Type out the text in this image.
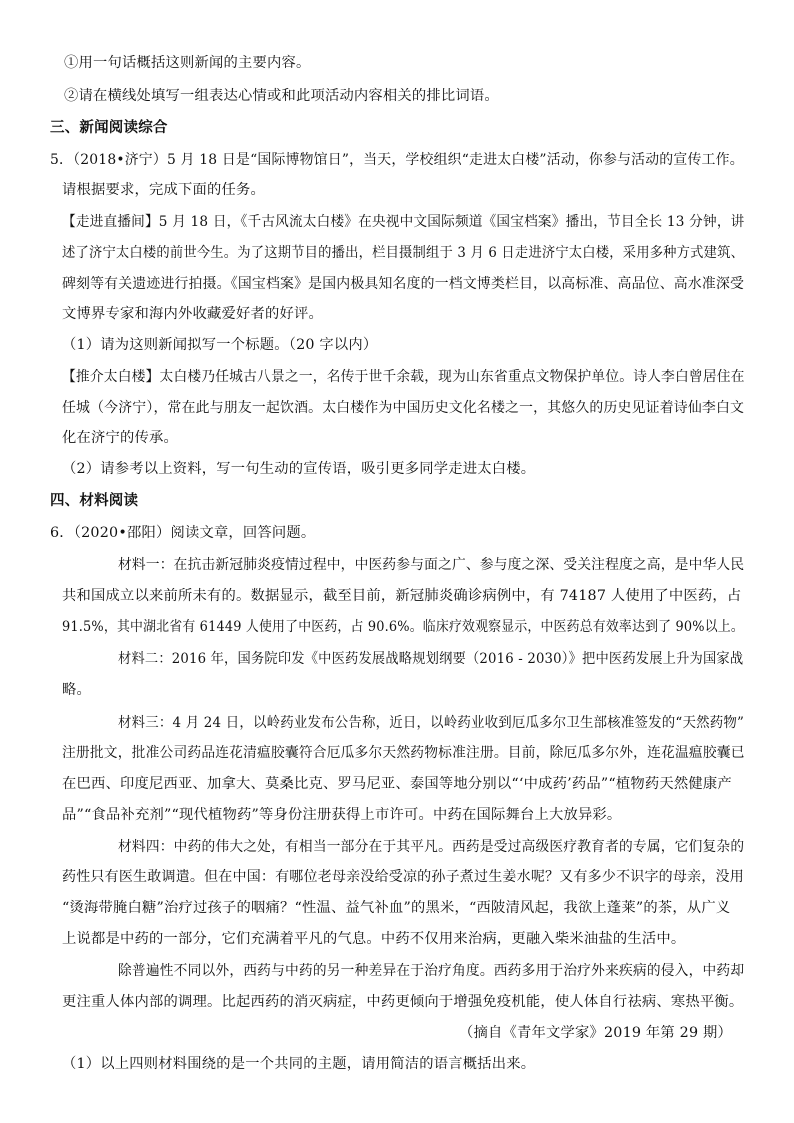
①用一句话概括这则新闻的主要内容。
②请在横线处填写一组表达心情或和此项活动内容相关的排比词语。
三、新闻阅读综合
5．（2018•济宁）5 月 18 日是“国际博物馆日”，当天，学校组织“走进太白楼”活动，你参与活动的宣传工作。
请根据要求，完成下面的任务。
【走进直播间】5 月 18 日，《千古风流太白楼》在央视中文国际频道《国宝档案》播出，节目全长 13 分钟，讲
述了济宁太白楼的前世今生。为了这期节目的播出，栏目摄制组于 3 月 6 日走进济宁太白楼，采用多种方式建筑、
碑刻等有关遗迹进行拍摄。《国宝档案》是国内极具知名度的一档文博类栏目，以高标准、高品位、高水准深受
文博界专家和海内外收藏爱好者的好评。
（1）请为这则新闻拟写一个标题。（20 字以内）
【推介太白楼】太白楼乃任城古八景之一，名传于世千余载，现为山东省重点文物保护单位。诗人李白曾居住在
任城（今济宁），常在此与朋友一起饮酒。太白楼作为中国历史文化名楼之一，其悠久的历史见证着诗仙李白文
化在济宁的传承。
（2）请参考以上资料，写一句生动的宣传语，吸引更多同学走进太白楼。
四、材料阅读
6．（2020•邵阳）阅读文章，回答问题。
材料一：在抗击新冠肺炎疫情过程中，中医药参与面之广、参与度之深、受关注程度之高，是中华人民
共和国成立以来前所未有的。数据显示，截至目前，新冠肺炎确诊病例中，有 74187 人使用了中医药，占
91.5%，其中湖北省有 61449 人使用了中医药，占 90.6%。临床疗效观察显示，中医药总有效率达到了 90%以上。
材料二：2016 年，国务院印发《中医药发展战略规划纲要（2016 - 2030）》把中医药发展上升为国家战
略。
材料三：4 月 24 日，以岭药业发布公告称，近日，以岭药业收到厄瓜多尔卫生部核准签发的“天然药物”
注册批文，批准公司药品连花清瘟胶囊符合厄瓜多尔天然药物标准注册。目前，除厄瓜多尔外，连花温瘟胶囊已
在巴西、印度尼西亚、加拿大、莫桑比克、罗马尼亚、泰国等地分别以“‘中成药’药品”“植物药天然健康产
品”“食品补充剂”“现代植物药”等身份注册获得上市许可。中药在国际舞台上大放异彩。
材料四：中药的伟大之处，有相当一部分在于其平凡。西药是受过高级医疗教育者的专属，它们复杂的
药性只有医生敢调遣。但在中国：有哪位老母亲没给受凉的孙子煮过生姜水呢？又有多少不识字的母亲，没用
“烫海带腌白糖”治疗过孩子的咽痛？“性温、益气补血”的黑米，“西陂清风起，我欲上蓬莱”的茶，从广义
上说都是中药的一部分，它们充满着平凡的气息。中药不仅用来治病，更融入柴米油盐的生活中。
除普遍性不同以外，西药与中药的另一种差异在于治疗角度。西药多用于治疗外来疾病的侵入，中药却
更注重人体内部的调理。比起西药的消灭病症，中药更倾向于增强免疫机能，使人体自行祛病、寒热平衡。
（摘自《青年文学家》2019 年第 29 期）
（1）以上四则材料围绕的是一个共同的主题，请用简洁的语言概括出来。
